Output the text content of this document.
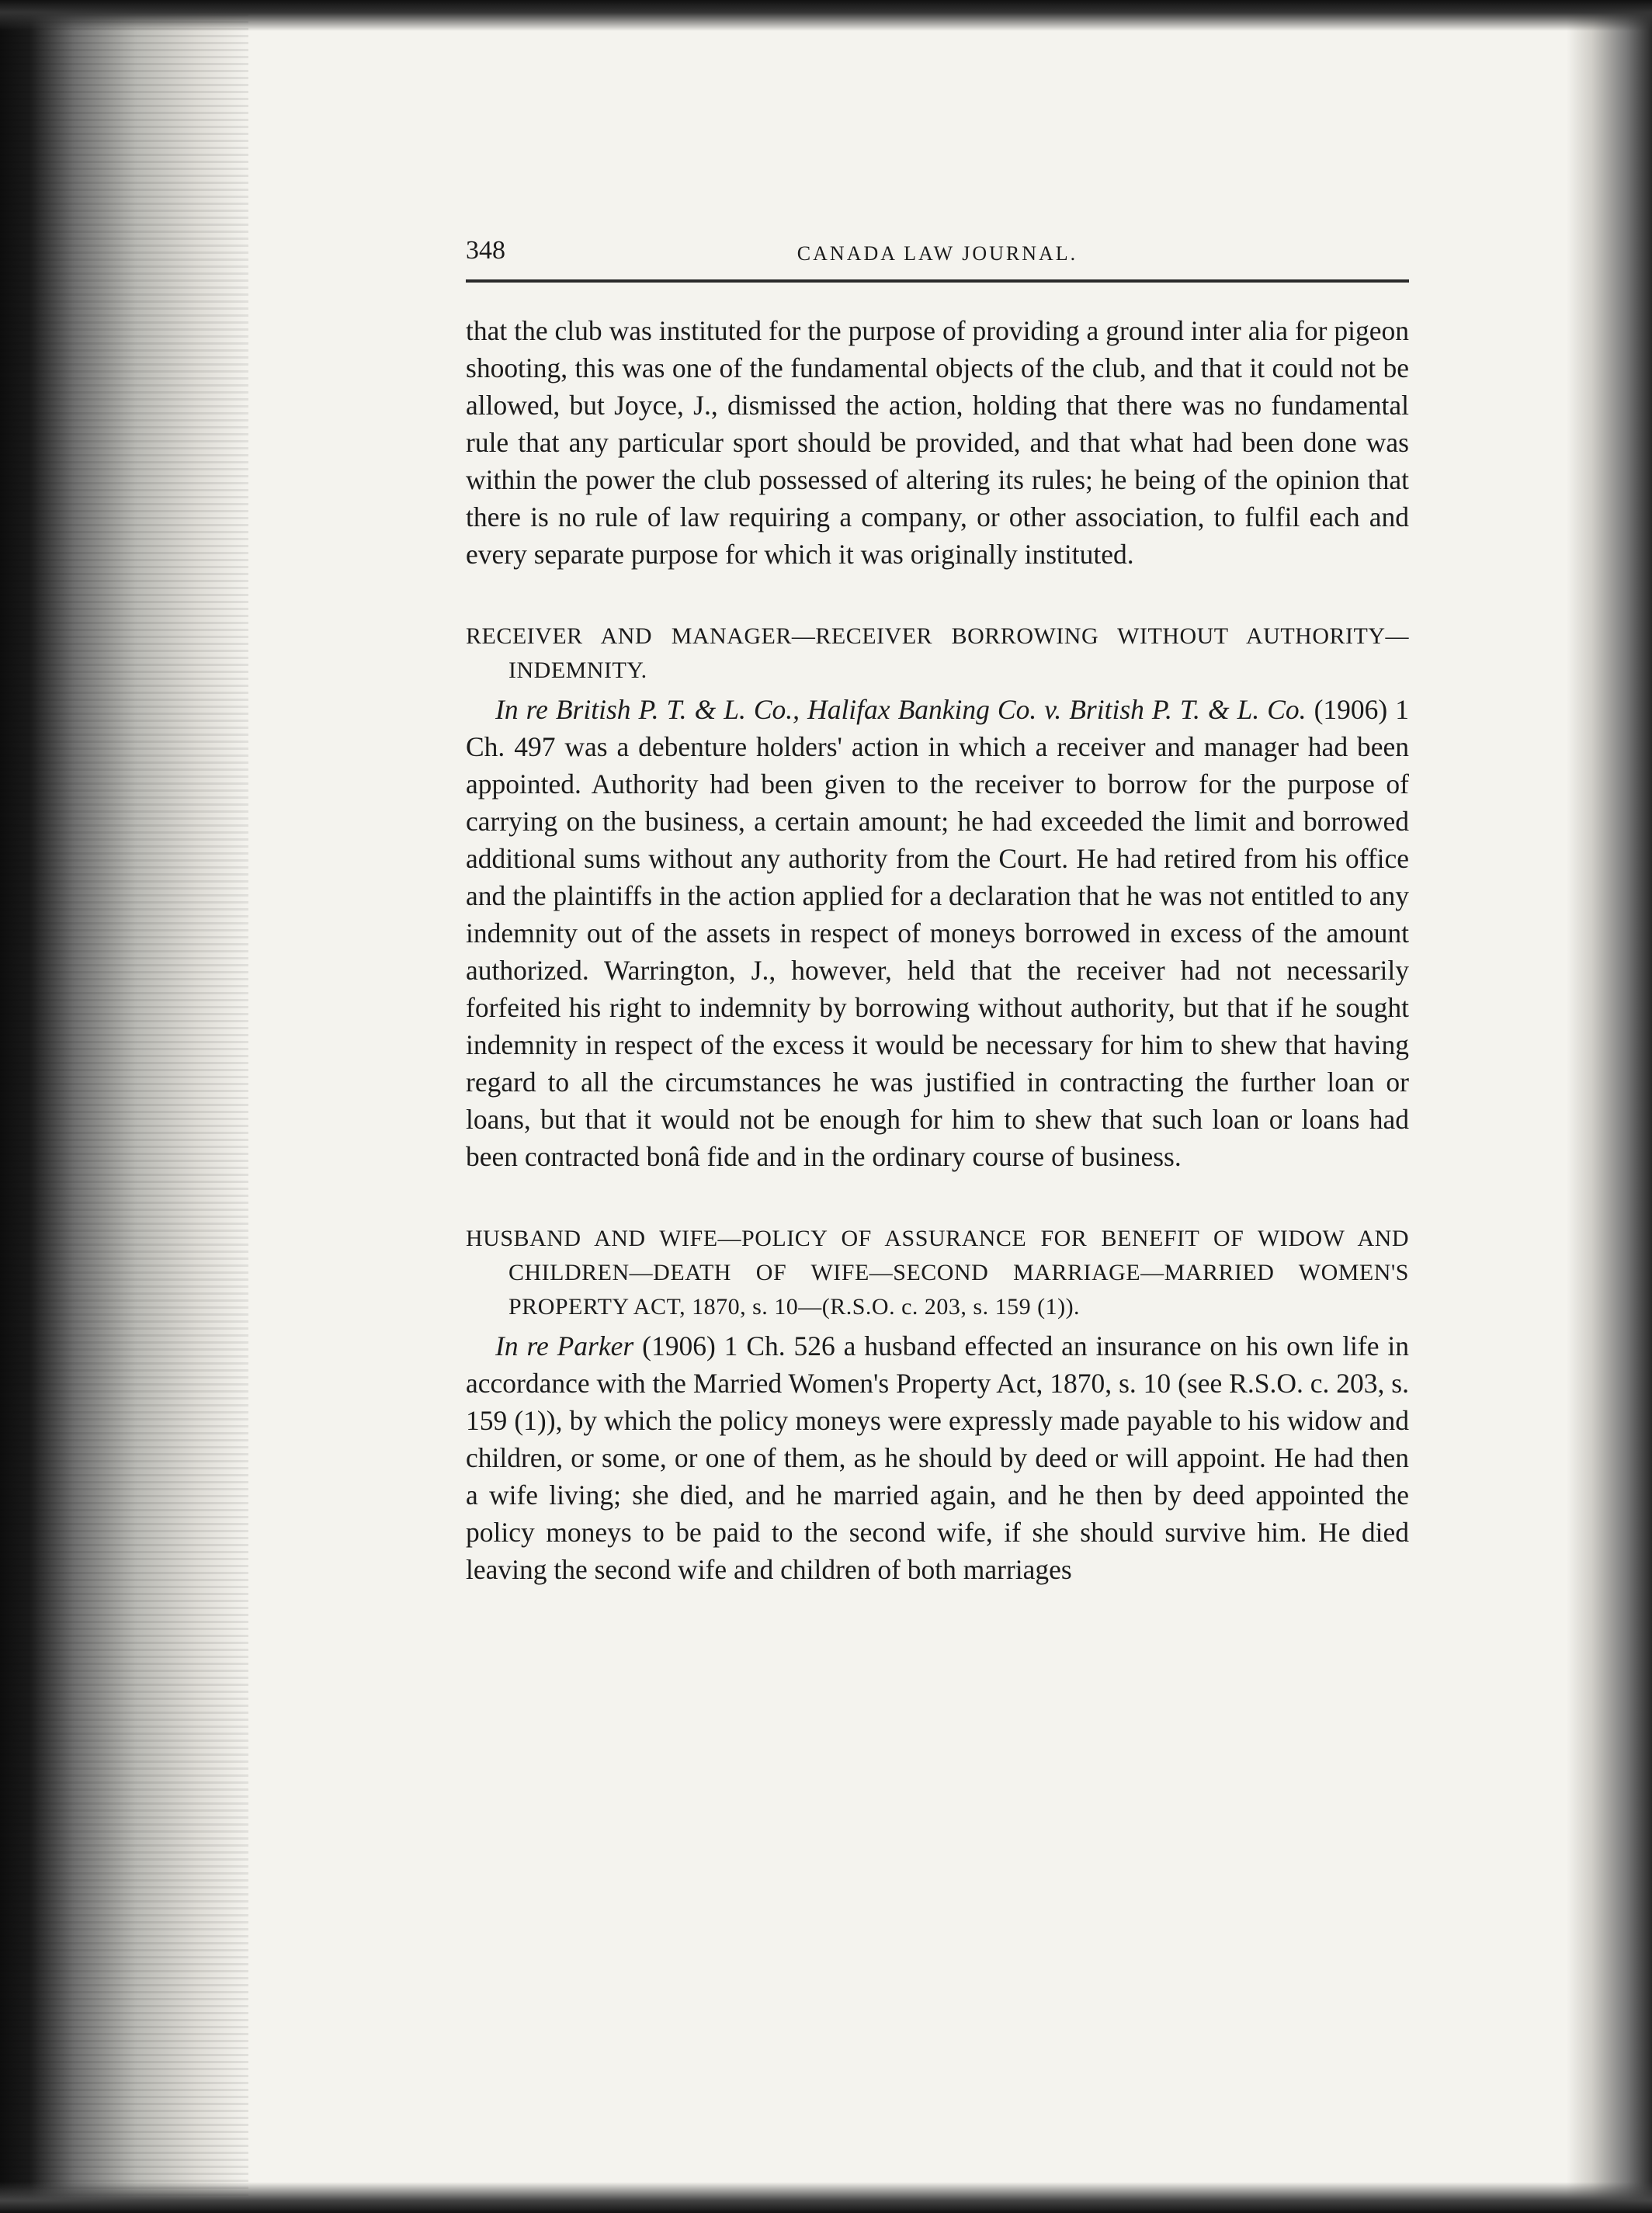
348	CANADA LAW JOURNAL.

that the club was instituted for the purpose of providing a ground inter alia for pigeon shooting, this was one of the fundamental objects of the club, and that it could not be allowed, but Joyce, J., dismissed the action, holding that there was no fundamental rule that any particular sport should be provided, and that what had been done was within the power the club possessed of altering its rules; he being of the opinion that there is no rule of law requiring a company, or other association, to fulfil each and every separate purpose for which it was originally instituted.

RECEIVER AND MANAGER—RECEIVER BORROWING WITHOUT AUTHORITY—INDEMNITY.

In re British P. T. & L. Co., Halifax Banking Co. v. British P. T. & L. Co. (1906) 1 Ch. 497 was a debenture holders' action in which a receiver and manager had been appointed. Authority had been given to the receiver to borrow for the purpose of carrying on the business, a certain amount; he had exceeded the limit and borrowed additional sums without any authority from the Court. He had retired from his office and the plaintiffs in the action applied for a declaration that he was not entitled to any indemnity out of the assets in respect of moneys borrowed in excess of the amount authorized. Warrington, J., however, held that the receiver had not necessarily forfeited his right to indemnity by borrowing without authority, but that if he sought indemnity in respect of the excess it would be necessary for him to shew that having regard to all the circumstances he was justified in contracting the further loan or loans, but that it would not be enough for him to shew that such loan or loans had been contracted bonâ fide and in the ordinary course of business.

HUSBAND AND WIFE—POLICY OF ASSURANCE FOR BENEFIT OF WIDOW AND CHILDREN—DEATH OF WIFE—SECOND MARRIAGE—MARRIED WOMEN'S PROPERTY ACT, 1870, s. 10—(R.S.O. c. 203, s. 159 (1)).

In re Parker (1906) 1 Ch. 526 a husband effected an insurance on his own life in accordance with the Married Women's Property Act, 1870, s. 10 (see R.S.O. c. 203, s. 159 (1)), by which the policy moneys were expressly made payable to his widow and children, or some, or one of them, as he should by deed or will appoint. He had then a wife living; she died, and he married again, and he then by deed appointed the policy moneys to be paid to the second wife, if she should survive him. He died leaving the second wife and children of both marriages
